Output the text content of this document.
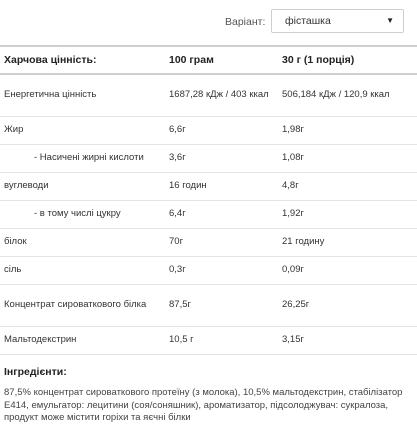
Варіант: фісташка	▼
Харчова цінність:	100 грам	30 г (1 порція)
Енергетична цінність	1687,28 кДж / 403 ккал	506,184 кДж / 120,9 ккал
Жир	6,6г	1,98г
- Насичені жирні кислоти	3,6г	1,08г
вуглеводи	16 годин	4,8г
- в тому числі цукру	6,4г	1,92г
білок	70г	21 годину
сіль	0,3г	0,09г
Концентрат сироваткового білка	87,5г	26,25г
Мальтодекстрин	10,5 г	3,15г

Інгредієнти:

87,5% концентрат сироваткового протеїну (з молока), 10,5% мальтодекстрин, стабілізатор Е414, емульгатор: лецитини (соя/соняшник), ароматизатор, підсолоджувач: сукралоза, продукт може містити горіхи та яєчні білки
